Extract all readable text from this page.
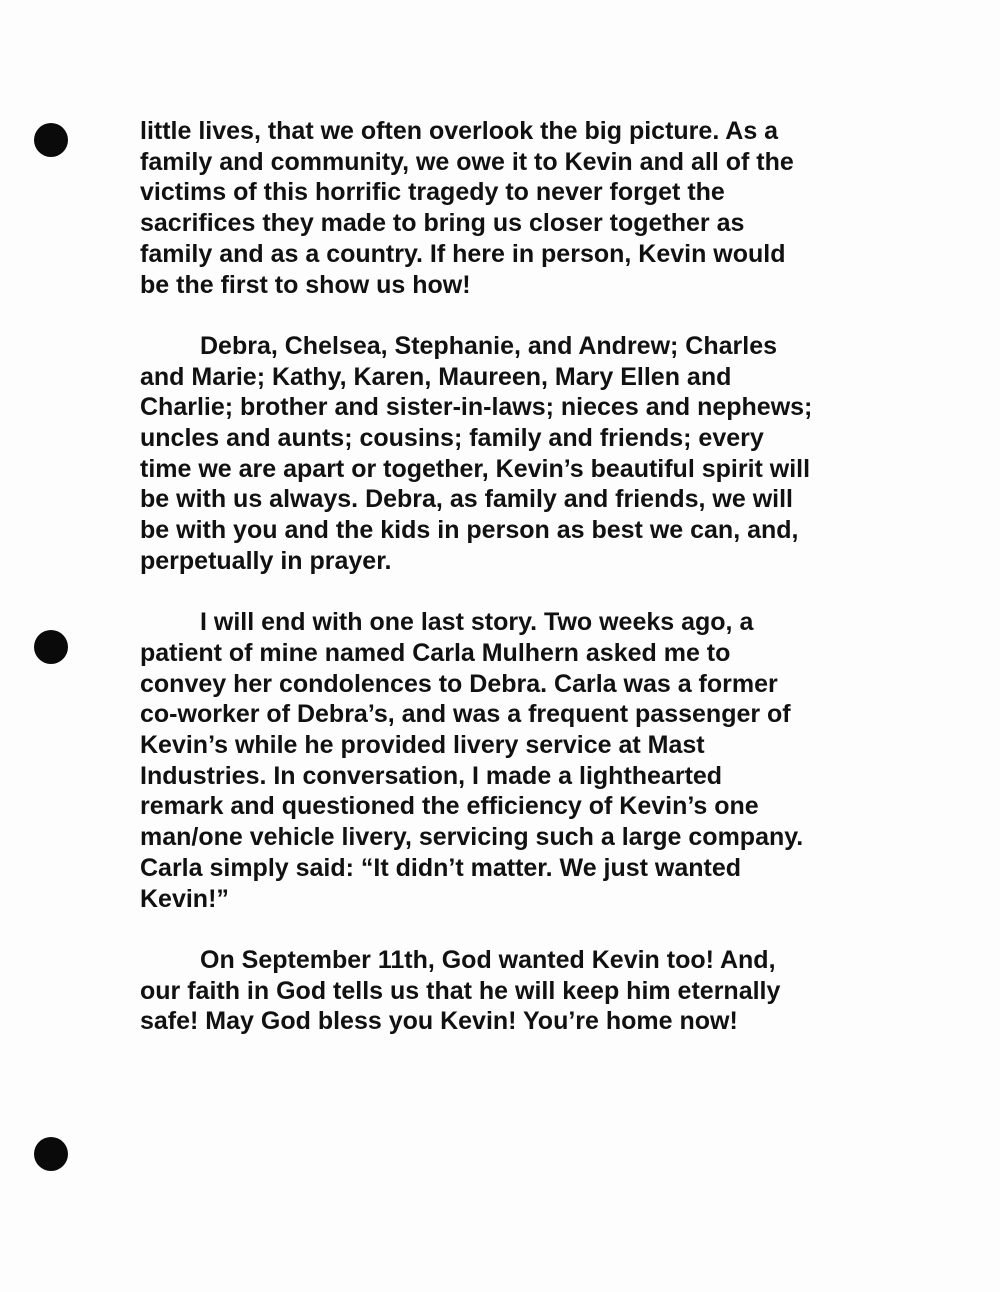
little lives, that we often overlook the big picture. As a
family and community, we owe it to Kevin and all of the
victims of this horrific tragedy to never forget the
sacrifices they made to bring us closer together as
family and as a country. If here in person, Kevin would
be the first to show us how!
Debra, Chelsea, Stephanie, and Andrew; Charles
and Marie; Kathy, Karen, Maureen, Mary Ellen and
Charlie; brother and sister-in-laws; nieces and nephews;
uncles and aunts; cousins; family and friends; every
time we are apart or together, Kevin’s beautiful spirit will
be with us always. Debra, as family and friends, we will
be with you and the kids in person as best we can, and,
perpetually in prayer.
I will end with one last story. Two weeks ago, a
patient of mine named Carla Mulhern asked me to
convey her condolences to Debra. Carla was a former
co-worker of Debra’s, and was a frequent passenger of
Kevin’s while he provided livery service at Mast
Industries. In conversation, I made a lighthearted
remark and questioned the efficiency of Kevin’s one
man/one vehicle livery, servicing such a large company.
Carla simply said: “It didn’t matter. We just wanted
Kevin!”
On September 11th, God wanted Kevin too! And,
our faith in God tells us that he will keep him eternally
safe! May God bless you Kevin! You’re home now!
